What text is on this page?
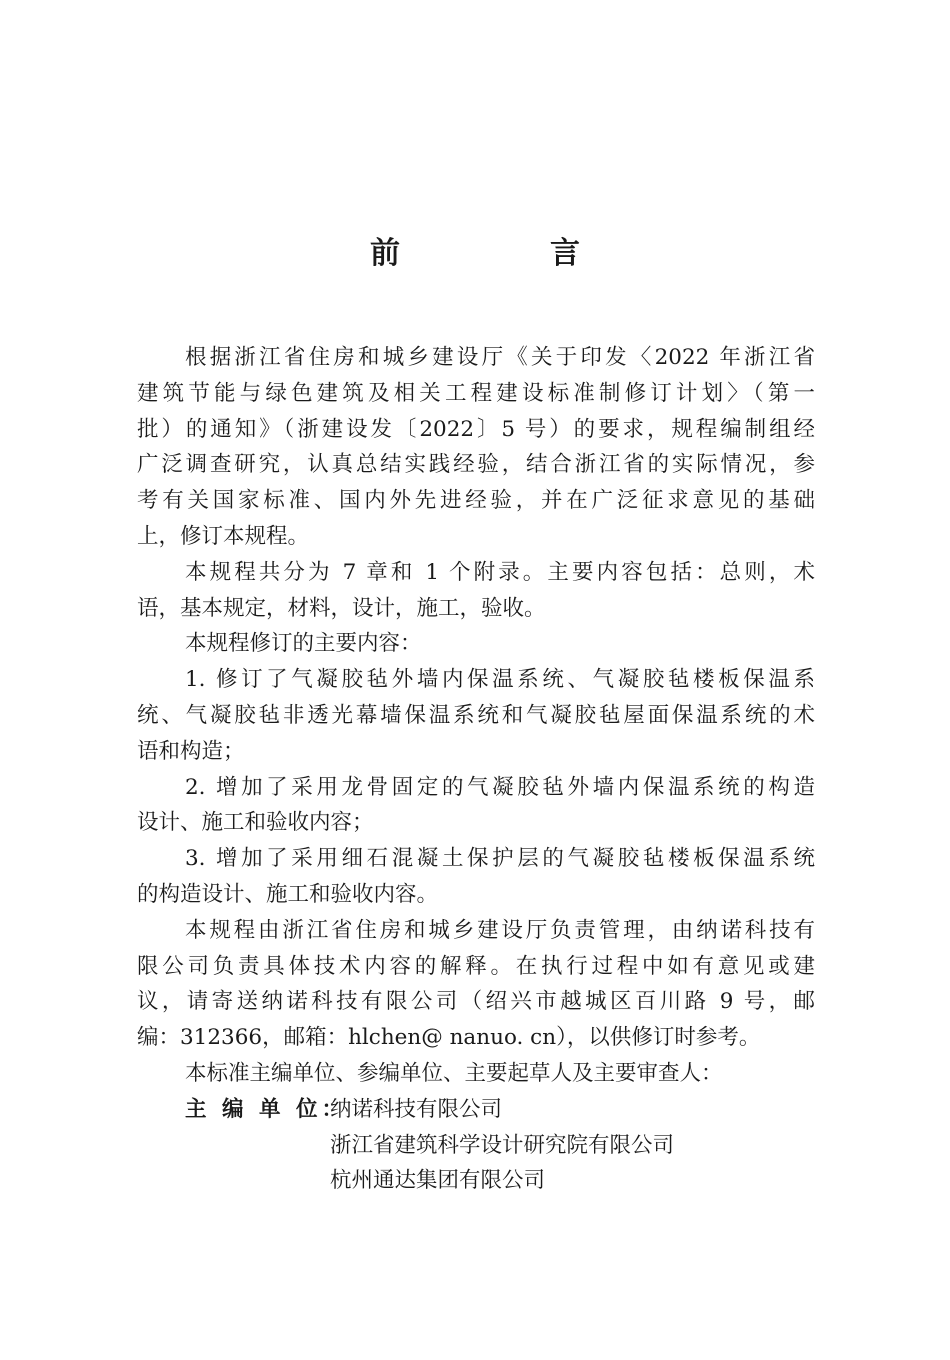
前　言
根据浙江省住房和城乡建设厅《关于印发〈2022 年浙江省
建筑节能与绿色建筑及相关工程建设标准制修订计划〉（第一
批）的通知》（浙建设发〔2022〕5 号）的要求，规程编制组经
广泛调查研究，认真总结实践经验，结合浙江省的实际情况，参
考有关国家标准、国内外先进经验，并在广泛征求意见的基础
上，修订本规程。
本规程共分为 7 章和 1 个附录。主要内容包括：总则，术
语，基本规定，材料，设计，施工，验收。
本规程修订的主要内容：
1. 修订了气凝胶毡外墙内保温系统、气凝胶毡楼板保温系
统、气凝胶毡非透光幕墙保温系统和气凝胶毡屋面保温系统的术
语和构造；
2. 增加了采用龙骨固定的气凝胶毡外墙内保温系统的构造
设计、施工和验收内容；
3. 增加了采用细石混凝土保护层的气凝胶毡楼板保温系统
的构造设计、施工和验收内容。
本规程由浙江省住房和城乡建设厅负责管理，由纳诺科技有
限公司负责具体技术内容的解释。在执行过程中如有意见或建
议，请寄送纳诺科技有限公司（绍兴市越城区百川路 9 号，邮
编：312366，邮箱：hlchen@ nanuo. cn），以供修订时参考。
本标准主编单位、参编单位、主要起草人及主要审查人：
主 编 单 位：纳诺科技有限公司
浙江省建筑科学设计研究院有限公司
杭州通达集团有限公司
